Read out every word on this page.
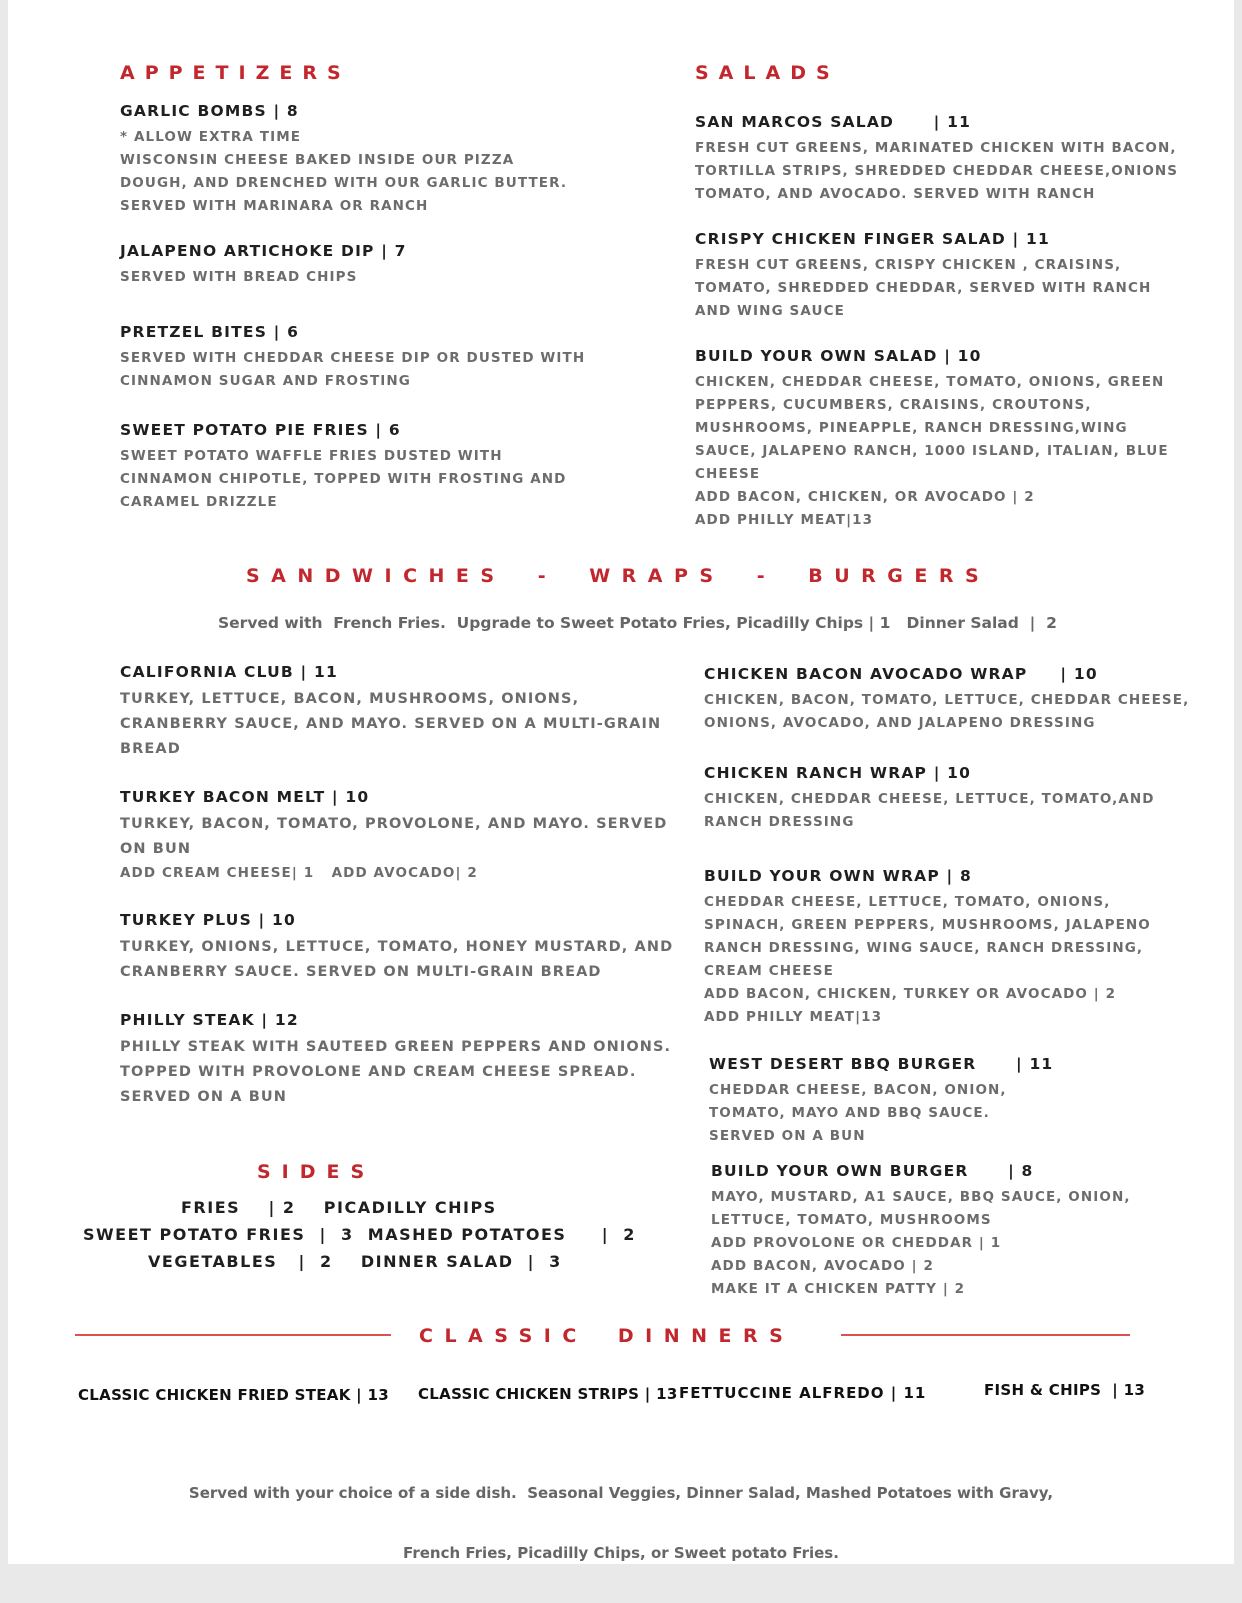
APPETIZERS
GARLIC BOMBS | 8
* ALLOW EXTRA TIME
WISCONSIN CHEESE BAKED INSIDE OUR PIZZA
DOUGH, AND DRENCHED WITH OUR GARLIC BUTTER.
SERVED WITH MARINARA OR RANCH
JALAPENO ARTICHOKE DIP | 7
SERVED WITH BREAD CHIPS
PRETZEL BITES | 6
SERVED WITH CHEDDAR CHEESE DIP OR DUSTED WITH
CINNAMON SUGAR AND FROSTING
SWEET POTATO PIE FRIES | 6
SWEET POTATO WAFFLE FRIES DUSTED WITH
CINNAMON CHIPOTLE, TOPPED WITH FROSTING AND
CARAMEL DRIZZLE
SALADS
SAN MARCOS SALAD      | 11
FRESH CUT GREENS, MARINATED CHICKEN WITH BACON,
TORTILLA STRIPS, SHREDDED CHEDDAR CHEESE,ONIONS
TOMATO, AND AVOCADO. SERVED WITH RANCH
CRISPY CHICKEN FINGER SALAD | 11
FRESH CUT GREENS, CRISPY CHICKEN , CRAISINS,
TOMATO, SHREDDED CHEDDAR, SERVED WITH RANCH
AND WING SAUCE
BUILD YOUR OWN SALAD | 10
CHICKEN, CHEDDAR CHEESE, TOMATO, ONIONS, GREEN
PEPPERS, CUCUMBERS, CRAISINS, CROUTONS,
MUSHROOMS, PINEAPPLE, RANCH DRESSING,WING
SAUCE, JALAPENO RANCH, 1000 ISLAND, ITALIAN, BLUE
CHEESE
ADD BACON, CHICKEN, OR AVOCADO | 2
ADD PHILLY MEAT|13
SANDWICHES - WRAPS - BURGERS
Served with  French Fries.  Upgrade to Sweet Potato Fries, Picadilly Chips | 1   Dinner Salad  |  2
CALIFORNIA CLUB | 11
TURKEY, LETTUCE, BACON, MUSHROOMS, ONIONS,
CRANBERRY SAUCE, AND MAYO. SERVED ON A MULTI-GRAIN
BREAD
TURKEY BACON MELT | 10
TURKEY, BACON, TOMATO, PROVOLONE, AND MAYO. SERVED
ON BUN
ADD CREAM CHEESE| 1   ADD AVOCADO| 2
TURKEY PLUS | 10
TURKEY, ONIONS, LETTUCE, TOMATO, HONEY MUSTARD, AND
CRANBERRY SAUCE. SERVED ON MULTI-GRAIN BREAD
PHILLY STEAK | 12
PHILLY STEAK WITH SAUTEED GREEN PEPPERS AND ONIONS.
TOPPED WITH PROVOLONE AND CREAM CHEESE SPREAD.
SERVED ON A BUN
CHICKEN BACON AVOCADO WRAP     | 10
CHICKEN, BACON, TOMATO, LETTUCE, CHEDDAR CHEESE,
ONIONS, AVOCADO, AND JALAPENO DRESSING
CHICKEN RANCH WRAP | 10
CHICKEN, CHEDDAR CHEESE, LETTUCE, TOMATO,AND
RANCH DRESSING
BUILD YOUR OWN WRAP | 8
CHEDDAR CHEESE, LETTUCE, TOMATO, ONIONS,
SPINACH, GREEN PEPPERS, MUSHROOMS, JALAPENO
RANCH DRESSING, WING SAUCE, RANCH DRESSING,
CREAM CHEESE
ADD BACON, CHICKEN, TURKEY OR AVOCADO | 2
ADD PHILLY MEAT|13
WEST DESERT BBQ BURGER      | 11
CHEDDAR CHEESE, BACON, ONION,
TOMATO, MAYO AND BBQ SAUCE.
SERVED ON A BUN
BUILD YOUR OWN BURGER      | 8
MAYO, MUSTARD, A1 SAUCE, BBQ SAUCE, ONION,
LETTUCE, TOMATO, MUSHROOMS
ADD PROVOLONE OR CHEDDAR | 1
ADD BACON, AVOCADO | 2
MAKE IT A CHICKEN PATTY | 2
SIDES
FRIES    | 2    PICADILLY CHIPS
SWEET POTATO FRIES  |  3  MASHED POTATOES     |  2
VEGETABLES   |  2    DINNER SALAD  |  3
CLASSIC DINNERS
CLASSIC CHICKEN FRIED STEAK | 13 CLASSIC CHICKEN STRIPS | 13 FETTUCCINE ALFREDO | 11	FISH & CHIPS  | 13

Served with your choice of a side dish.  Seasonal Veggies, Dinner Salad, Mashed Potatoes with Gravy,

French Fries, Picadilly Chips, or Sweet potato Fries.
